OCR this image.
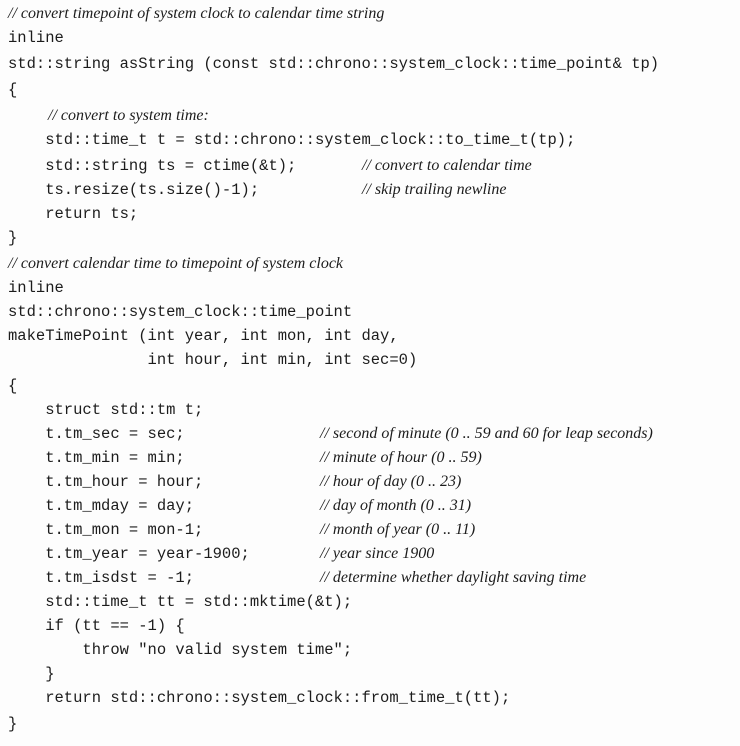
// convert timepoint of system clock to calendar time string
inline
std::string asString (const std::chrono::system_clock::time_point& tp)
{
// convert to system time:
std::time_t t = std::chrono::system_clock::to_time_t(tp);
std::string ts = ctime(&t);	// convert to calendar time
ts.resize(ts.size()-1);	// skip trailing newline
return ts;
}
// convert calendar time to timepoint of system clock
inline
std::chrono::system_clock::time_point
makeTimePoint (int year, int mon, int day,
int hour, int min, int sec=0)
{
struct std::tm t;
t.tm_sec = sec;	// second of minute (0 .. 59 and 60 for leap seconds)
t.tm_min = min;	// minute of hour (0 .. 59)
t.tm_hour = hour;	// hour of day (0 .. 23)
t.tm_mday = day;	// day of month (0 .. 31)
t.tm_mon = mon-1;	// month of year (0 .. 11)
t.tm_year = year-1900;	// year since 1900
t.tm_isdst = -1;	// determine whether daylight saving time
std::time_t tt = std::mktime(&t);
if (tt == -1) {
throw "no valid system time";
}
return std::chrono::system_clock::from_time_t(tt);
}
